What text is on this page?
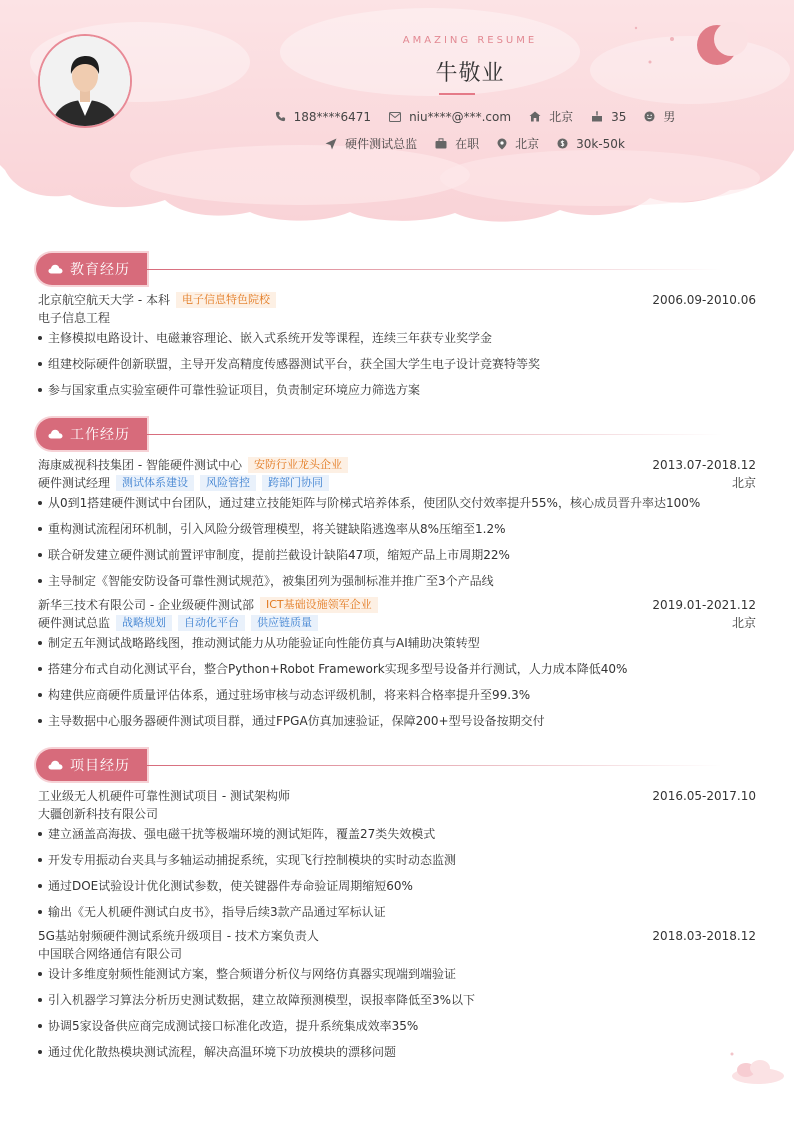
AMAZING RESUME
牛敬业
188****6471	niu****@***.com	北京	35	男
硬件测试总监	在职	北京	30k-50k
教育经历
北京航空航天大学 - 本科	电子信息特色院校	2006.09-2010.06
电子信息工程
主修模拟电路设计、电磁兼容理论、嵌入式系统开发等课程，连续三年获专业奖学金
组建校际硬件创新联盟，主导开发高精度传感器测试平台，获全国大学生电子设计竞赛特等奖
参与国家重点实验室硬件可靠性验证项目，负责制定环境应力筛选方案
工作经历
海康威视科技集团 - 智能硬件测试中心	安防行业龙头企业	2013.07-2018.12
硬件测试经理	测试体系建设	风险管控	跨部门协同	北京
从0到1搭建硬件测试中台团队，通过建立技能矩阵与阶梯式培养体系，使团队交付效率提升55%，核心成员晋升率达100%
重构测试流程闭环机制，引入风险分级管理模型，将关键缺陷逃逸率从8%压缩至1.2%
联合研发建立硬件测试前置评审制度，提前拦截设计缺陷47项，缩短产品上市周期22%
主导制定《智能安防设备可靠性测试规范》，被集团列为强制标准并推广至3个产品线
新华三技术有限公司 - 企业级硬件测试部	ICT基础设施领军企业	2019.01-2021.12
硬件测试总监	战略规划	自动化平台	供应链质量	北京
制定五年测试战略路线图，推动测试能力从功能验证向性能仿真与AI辅助决策转型
搭建分布式自动化测试平台，整合Python+Robot Framework实现多型号设备并行测试，人力成本降低40%
构建供应商硬件质量评估体系，通过驻场审核与动态评级机制，将来料合格率提升至99.3%
主导数据中心服务器硬件测试项目群，通过FPGA仿真加速验证，保障200+型号设备按期交付
项目经历
工业级无人机硬件可靠性测试项目 - 测试架构师	2016.05-2017.10
大疆创新科技有限公司
建立涵盖高海拔、强电磁干扰等极端环境的测试矩阵，覆盖27类失效模式
开发专用振动台夹具与多轴运动捕捉系统，实现飞行控制模块的实时动态监测
通过DOE试验设计优化测试参数，使关键器件寿命验证周期缩短60%
输出《无人机硬件测试白皮书》，指导后续3款产品通过军标认证
5G基站射频硬件测试系统升级项目 - 技术方案负责人	2018.03-2018.12
中国联合网络通信有限公司
设计多维度射频性能测试方案，整合频谱分析仪与网络仿真器实现端到端验证
引入机器学习算法分析历史测试数据，建立故障预测模型，误报率降低至3%以下
协调5家设备供应商完成测试接口标准化改造，提升系统集成效率35%
通过优化散热模块测试流程，解决高温环境下功放模块的漂移问题
